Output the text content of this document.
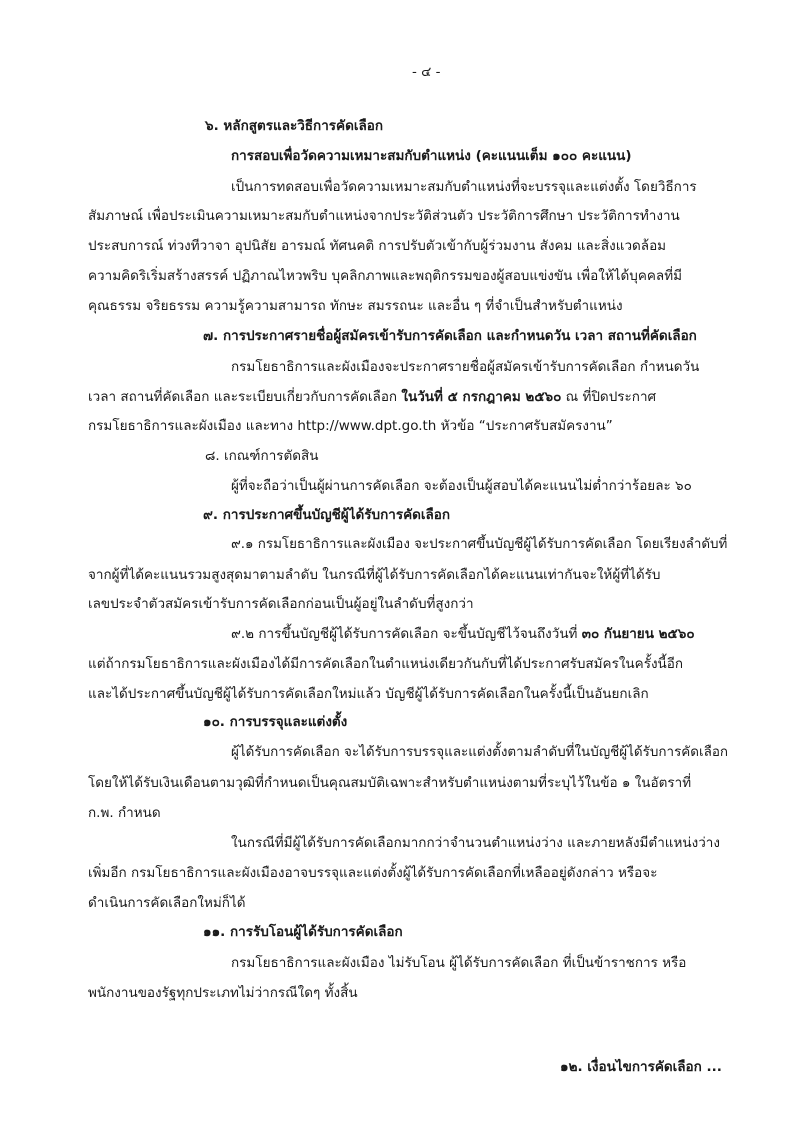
- ๔ -
๖. หลักสูตรและวิธีการคัดเลือก
การสอบเพื่อวัดความเหมาะสมกับตำแหน่ง (คะแนนเต็ม ๑๐๐ คะแนน)
เป็นการทดสอบเพื่อวัดความเหมาะสมกับตำแหน่งที่จะบรรจุและแต่งตั้ง โดยวิธีการ
สัมภาษณ์ เพื่อประเมินความเหมาะสมกับตำแหน่งจากประวัติส่วนตัว ประวัติการศึกษา ประวัติการทำงาน
ประสบการณ์ ท่วงทีวาจา อุปนิสัย อารมณ์ ทัศนคติ การปรับตัวเข้ากับผู้ร่วมงาน สังคม และสิ่งแวดล้อม
ความคิดริเริ่มสร้างสรรค์ ปฏิภาณไหวพริบ บุคลิกภาพและพฤติกรรมของผู้สอบแข่งขัน เพื่อให้ได้บุคคลที่มี
คุณธรรม จริยธรรม ความรู้ความสามารถ ทักษะ สมรรถนะ และอื่น ๆ ที่จำเป็นสำหรับตำแหน่ง
๗. การประกาศรายชื่อผู้สมัครเข้ารับการคัดเลือก และกำหนดวัน เวลา สถานที่คัดเลือก
กรมโยธาธิการและผังเมืองจะประกาศรายชื่อผู้สมัครเข้ารับการคัดเลือก กำหนดวัน
เวลา สถานที่คัดเลือก และระเบียบเกี่ยวกับการคัดเลือก ในวันที่ ๕ กรกฎาคม ๒๕๖๐ ณ ที่ปิดประกาศ
กรมโยธาธิการและผังเมือง และทาง http://www.dpt.go.th หัวข้อ “ประกาศรับสมัครงาน”
๘. เกณฑ์การตัดสิน
ผู้ที่จะถือว่าเป็นผู้ผ่านการคัดเลือก จะต้องเป็นผู้สอบได้คะแนนไม่ต่ำกว่าร้อยละ ๖๐
๙. การประกาศขึ้นบัญชีผู้ได้รับการคัดเลือก
๙.๑ กรมโยธาธิการและผังเมือง จะประกาศขึ้นบัญชีผู้ได้รับการคัดเลือก โดยเรียงลำดับที่
จากผู้ที่ได้คะแนนรวมสูงสุดมาตามลำดับ ในกรณีที่ผู้ได้รับการคัดเลือกได้คะแนนเท่ากันจะให้ผู้ที่ได้รับ
เลขประจำตัวสมัครเข้ารับการคัดเลือกก่อนเป็นผู้อยู่ในลำดับที่สูงกว่า
๙.๒ การขึ้นบัญชีผู้ได้รับการคัดเลือก จะขึ้นบัญชีไว้จนถึงวันที่ ๓๐ กันยายน ๒๕๖๐
แต่ถ้ากรมโยธาธิการและผังเมืองได้มีการคัดเลือกในตำแหน่งเดียวกันกับที่ได้ประกาศรับสมัครในครั้งนี้อีก
และได้ประกาศขึ้นบัญชีผู้ได้รับการคัดเลือกใหม่แล้ว บัญชีผู้ได้รับการคัดเลือกในครั้งนี้เป็นอันยกเลิก
๑๐. การบรรจุและแต่งตั้ง
ผู้ได้รับการคัดเลือก จะได้รับการบรรจุและแต่งตั้งตามลำดับที่ในบัญชีผู้ได้รับการคัดเลือก
โดยให้ได้รับเงินเดือนตามวุฒิที่กำหนดเป็นคุณสมบัติเฉพาะสำหรับตำแหน่งตามที่ระบุไว้ในข้อ ๑ ในอัตราที่
ก.พ. กำหนด
ในกรณีที่มีผู้ได้รับการคัดเลือกมากกว่าจำนวนตำแหน่งว่าง และภายหลังมีตำแหน่งว่าง
เพิ่มอีก กรมโยธาธิการและผังเมืองอาจบรรจุและแต่งตั้งผู้ได้รับการคัดเลือกที่เหลืออยู่ดังกล่าว หรือจะ
ดำเนินการคัดเลือกใหม่ก็ได้
๑๑. การรับโอนผู้ได้รับการคัดเลือก
กรมโยธาธิการและผังเมือง ไม่รับโอน ผู้ได้รับการคัดเลือก ที่เป็นข้าราชการ หรือ
พนักงานของรัฐทุกประเภทไม่ว่ากรณีใดๆ ทั้งสิ้น
๑๒. เงื่อนไขการคัดเลือก ...
